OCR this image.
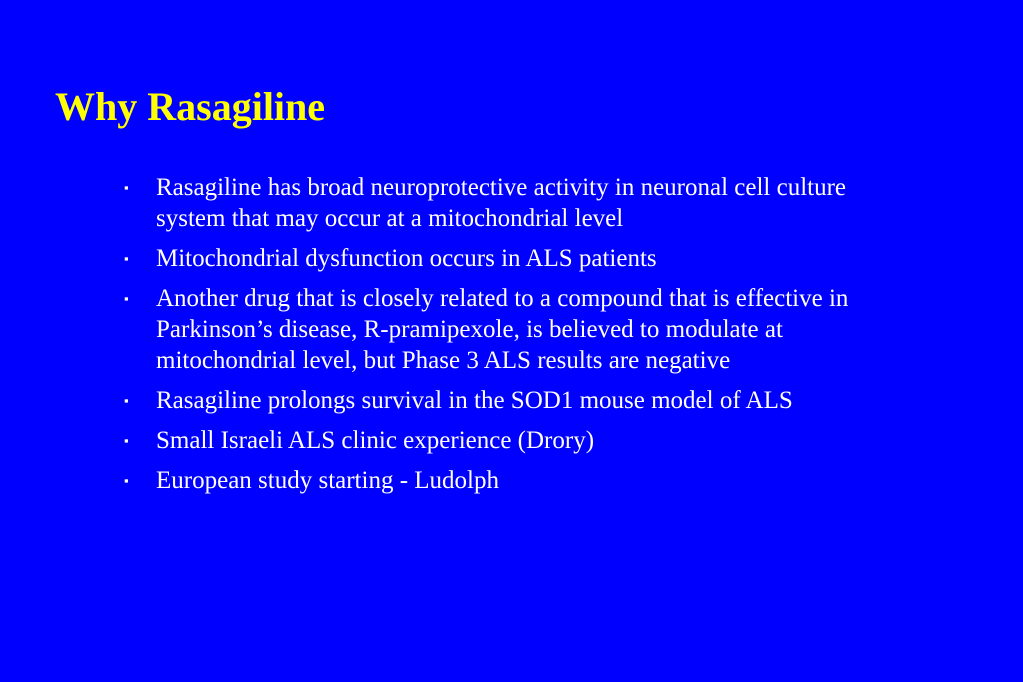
Why Rasagiline
▪ Rasagiline has broad neuroprotective activity in neuronal cell culture system that may occur at a mitochondrial level
▪ Mitochondrial dysfunction occurs in ALS patients
▪ Another drug that is closely related to a compound that is effective in Parkinson’s disease, R-pramipexole, is believed to modulate at mitochondrial level, but Phase 3 ALS results are negative
▪ Rasagiline prolongs survival in the SOD1 mouse model of ALS
▪ Small Israeli ALS clinic experience (Drory)
▪ European study starting - Ludolph
